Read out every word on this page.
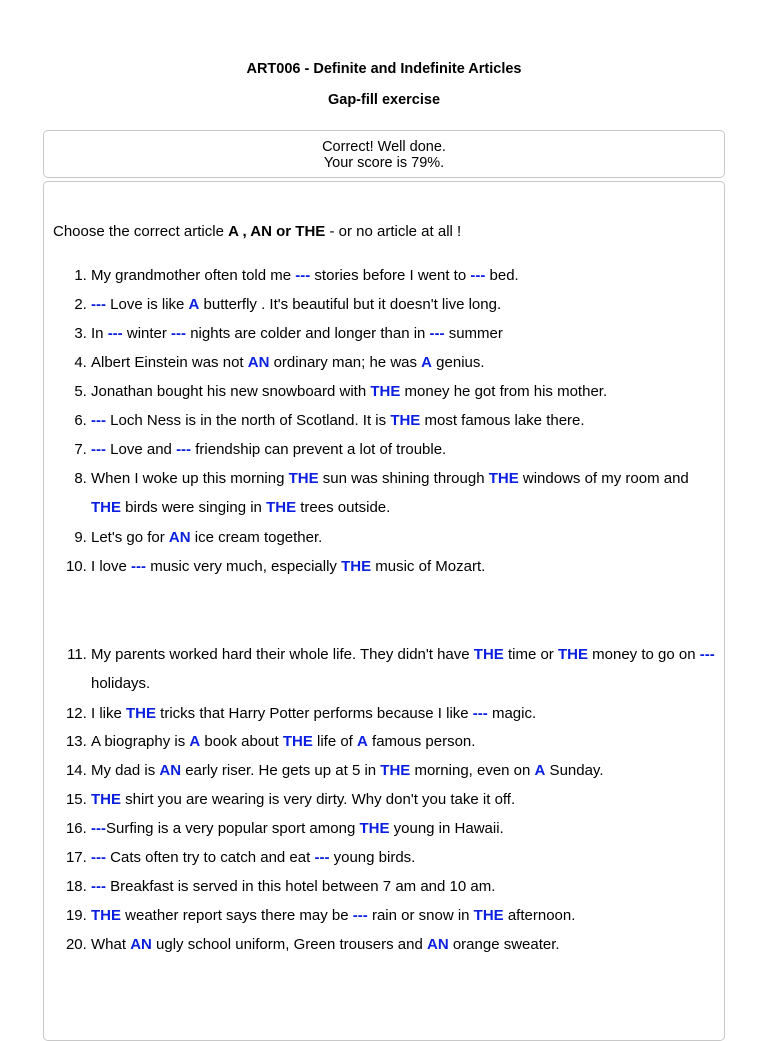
ART006 - Definite and Indefinite Articles
Gap-fill exercise
Correct! Well done.
Your score is 79%.
Choose the correct article A , AN or THE - or no article at all !
1. My grandmother often told me --- stories before I went to --- bed.
2. --- Love is like A butterfly . It's beautiful but it doesn't live long.
3. In --- winter --- nights are colder and longer than in --- summer
4. Albert Einstein was not AN ordinary man; he was A genius.
5. Jonathan bought his new snowboard with THE money he got from his mother.
6. --- Loch Ness is in the north of Scotland. It is THE most famous lake there.
7. --- Love and --- friendship can prevent a lot of trouble.
8. When I woke up this morning THE sun was shining through THE windows of my room and THE birds were singing in THE trees outside.
9. Let's go for AN ice cream together.
10. I love --- music very much, especially THE music of Mozart.
11. My parents worked hard their whole life. They didn't have THE time or THE money to go on --- holidays.
12. I like THE tricks that Harry Potter performs because I like --- magic.
13. A biography is A book about THE life of A famous person.
14. My dad is AN early riser. He gets up at 5 in THE morning, even on A Sunday.
15. THE shirt you are wearing is very dirty. Why don't you take it off.
16. ---Surfing is a very popular sport among THE young in Hawaii.
17. --- Cats often try to catch and eat --- young birds.
18. --- Breakfast is served in this hotel between 7 am and 10 am.
19. THE weather report says there may be --- rain or snow in THE afternoon.
20. What AN ugly school uniform, Green trousers and AN orange sweater.
